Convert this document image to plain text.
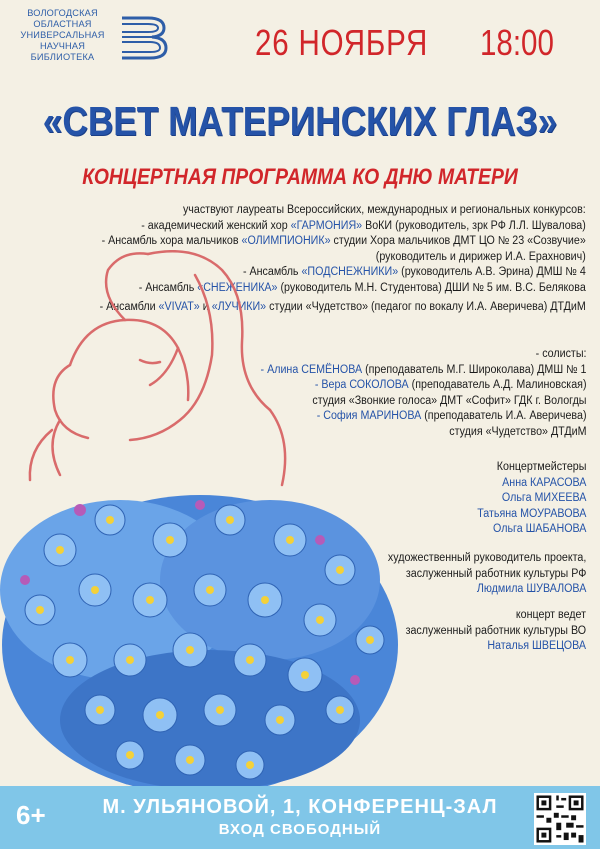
ВОЛОГОДСКАЯ
ОБЛАСТНАЯ
УНИВЕРСАЛЬНАЯ
НАУЧНАЯ
БИБЛИОТЕКА	26 НОЯБРЯ 18:00
«СВЕТ МАТЕРИНСКИХ ГЛАЗ»
КОНЦЕРТНАЯ ПРОГРАММА КО ДНЮ МАТЕРИ
участвуют лауреаты Всероссийских, международных и региональных конкурсов:
- академический женский хор «ГАРМОНИЯ» ВоКИ (руководитель, зрк РФ Л.Л. Шувалова)
- Ансамбль хора мальчиков «ОЛИМПИОНИК» студии Хора мальчиков ДМТ ЦО № 23 «Созвучие»
(руководитель и дирижер И.А. Ерахнович)
- Ансамбль «ПОДСНЕЖНИКИ» (руководитель А.В. Эрина) ДМШ № 4
- Ансамбль «СНЕЖЕНИКА» (руководитель М.Н. Студентова) ДШИ № 5 им. В.С. Белякова
- Ансамбли «VIVAT» и «ЛУЧИКИ» студии «Чудетство» (педагог по вокалу И.А. Аверичева) ДТДиМ
- солисты:
- Алина СЕМЁНОВА (преподаватель М.Г. Широколава) ДМШ № 1
- Вера СОКОЛОВА (преподаватель А.Д. Малиновская)
студия «Звонкие голоса» ДМТ «Софит» ГДК г. Вологды
- София МАРИНОВА (преподаватель И.А. Аверичева)
студия «Чудетство» ДТДиМ
Концертмейстеры
Анна КАРАСОВА
Ольга МИХЕЕВА
Татьяна МОУРАВОВА
Ольга ШАБАНОВА
художественный руководитель проекта,
заслуженный работник культуры РФ
Людмила ШУВАЛОВА
концерт ведет
заслуженный работник культуры ВО
Наталья ШВЕЦОВА
6+	М. УЛЬЯНОВОЙ, 1, КОНФЕРЕНЦ-ЗАЛ
ВХОД СВОБОДНЫЙ
